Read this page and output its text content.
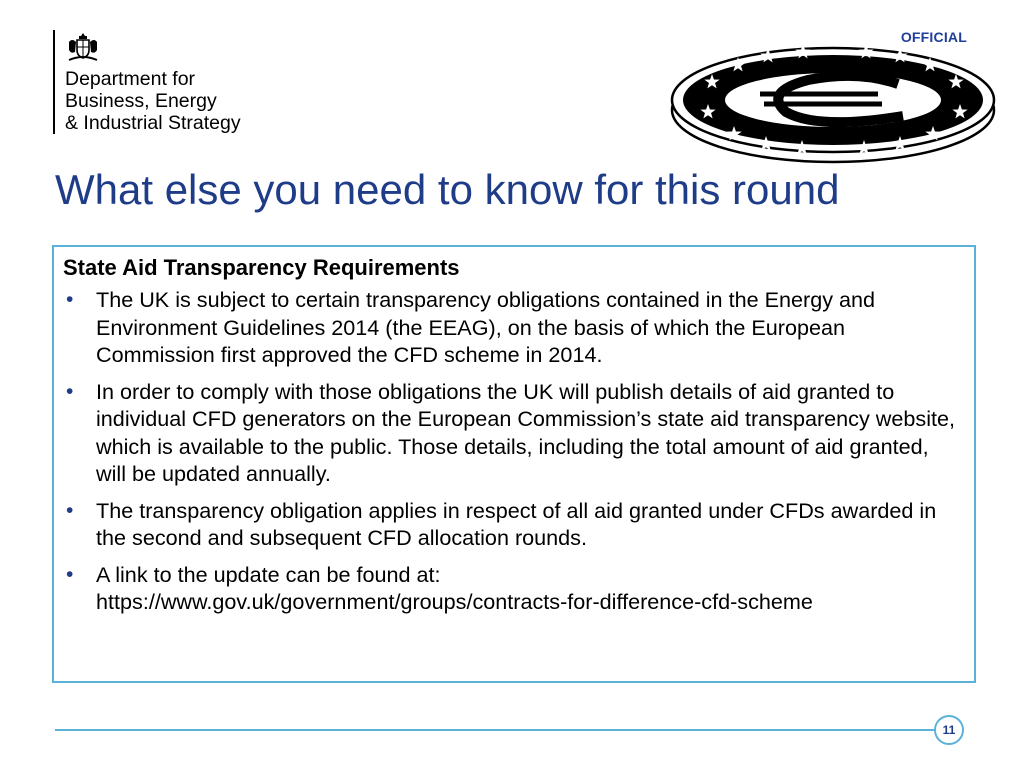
OFFICIAL
Department for
Business, Energy
& Industrial Strategy
What else you need to know for this round

State Aid Transparency Requirements

• The UK is subject to certain transparency obligations contained in the Energy and Environment Guidelines 2014 (the EEAG), on the basis of which the European Commission first approved the CFD scheme in 2014.
• In order to comply with those obligations the UK will publish details of aid granted to individual CFD generators on the European Commission’s state aid transparency website, which is available to the public. Those details, including the total amount of aid granted, will be updated annually.
• The transparency obligation applies in respect of all aid granted under CFDs awarded in the second and subsequent CFD allocation rounds.
• A link to the update can be found at:
https://www.gov.uk/government/groups/contracts-for-difference-cfd-scheme
11
